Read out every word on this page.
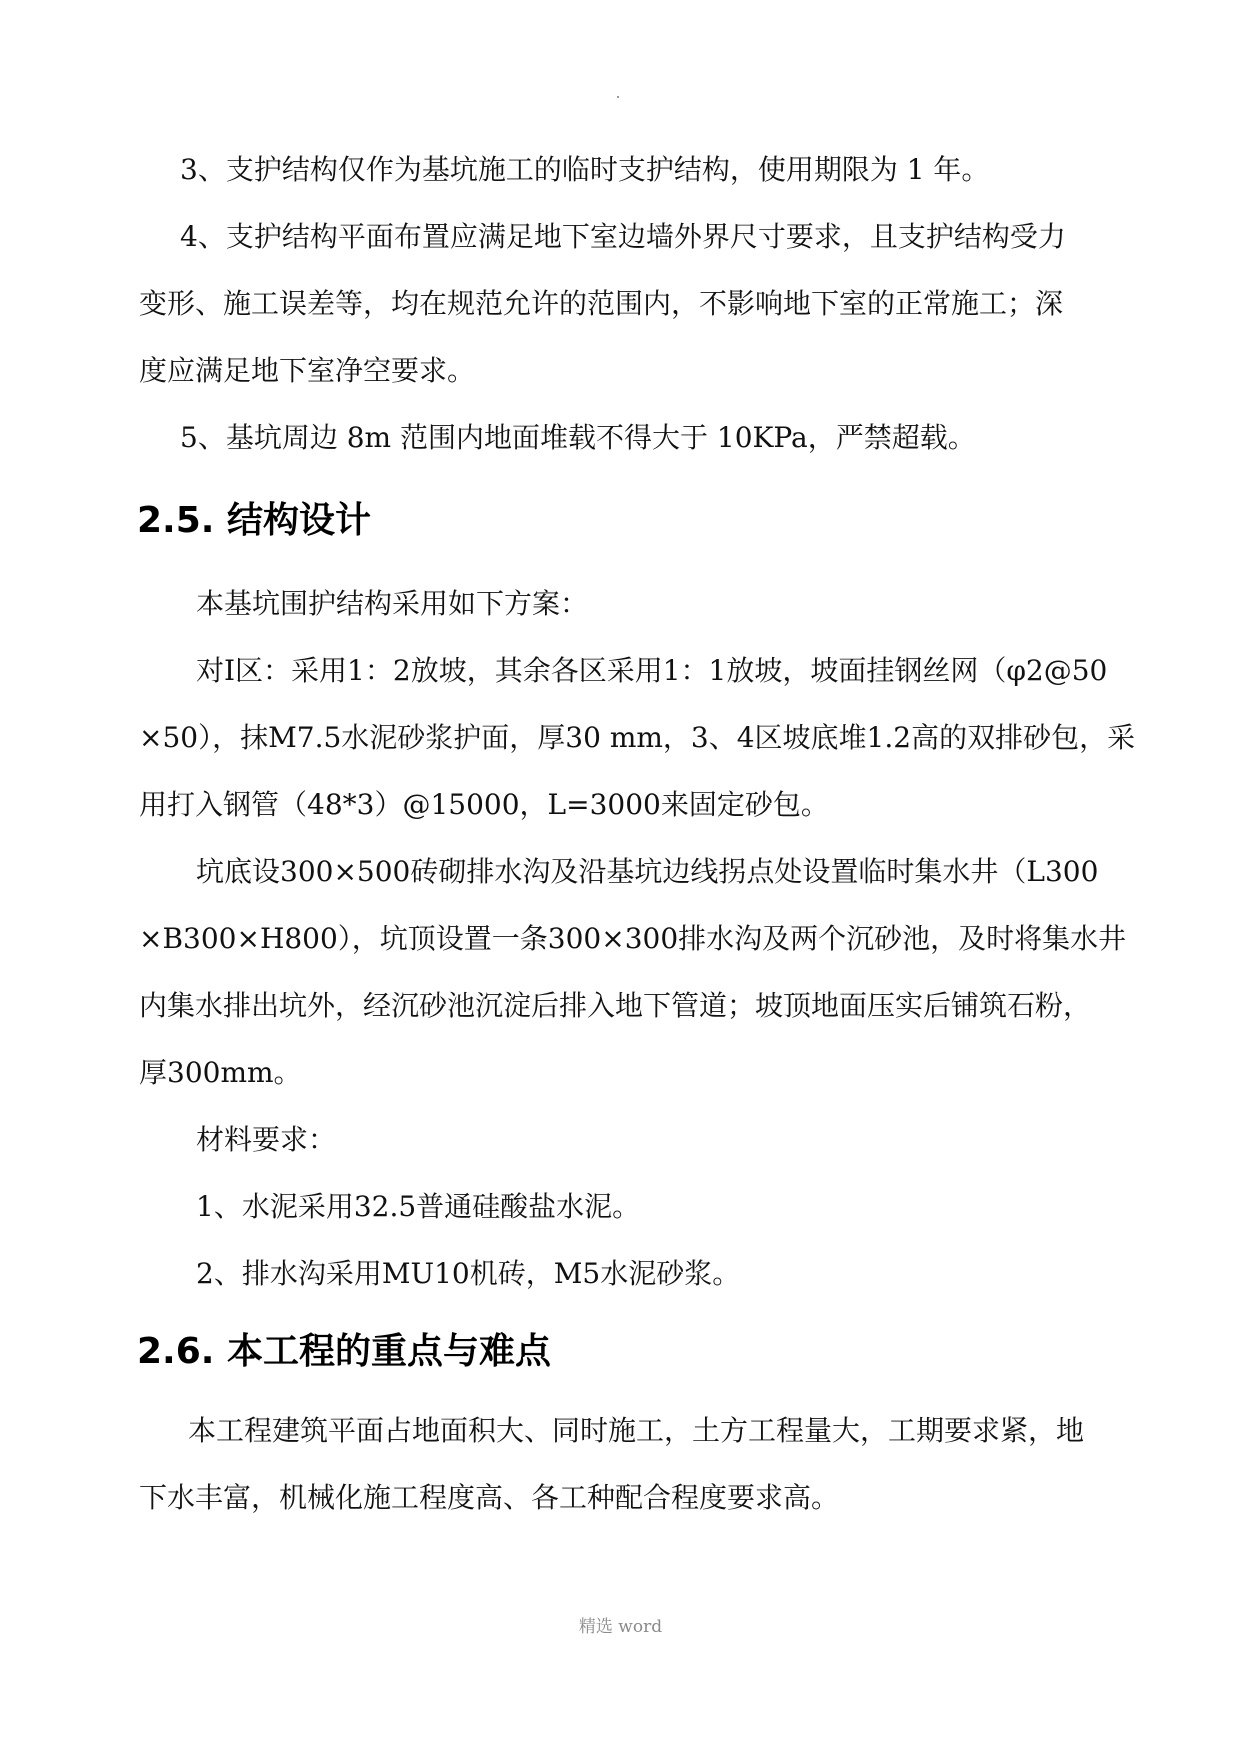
3、支护结构仅作为基坑施工的临时支护结构，使用期限为 1 年。

4、支护结构平面布置应满足地下室边墙外界尺寸要求，且支护结构受力

变形、施工误差等，均在规范允许的范围内，不影响地下室的正常施工；深

度应满足地下室净空要求。

5、基坑周边 8m 范围内地面堆载不得大于 10KPa，严禁超载。

2.5. 结构设计

本基坑围护结构采用如下方案：

对Ⅰ区：采用1：2放坡，其余各区采用1：1放坡，坡面挂钢丝网（φ2@50

×50），抹M7.5水泥砂浆护面，厚30 mm，3、4区坡底堆1.2高的双排砂包，采

用打入钢管（48*3）@15000，L=3000来固定砂包。

坑底设300×500砖砌排水沟及沿基坑边线拐点处设置临时集水井（L300

×B300×H800），坑顶设置一条300×300排水沟及两个沉砂池，及时将集水井

内集水排出坑外，经沉砂池沉淀后排入地下管道；坡顶地面压实后铺筑石粉，

厚300mm。

材料要求：

1、水泥采用32.5普通硅酸盐水泥。

2、排水沟采用MU10机砖，M5水泥砂浆。

2.6. 本工程的重点与难点

本工程建筑平面占地面积大、同时施工，土方工程量大，工期要求紧，地

下水丰富，机械化施工程度高、各工种配合程度要求高。

精选 word
